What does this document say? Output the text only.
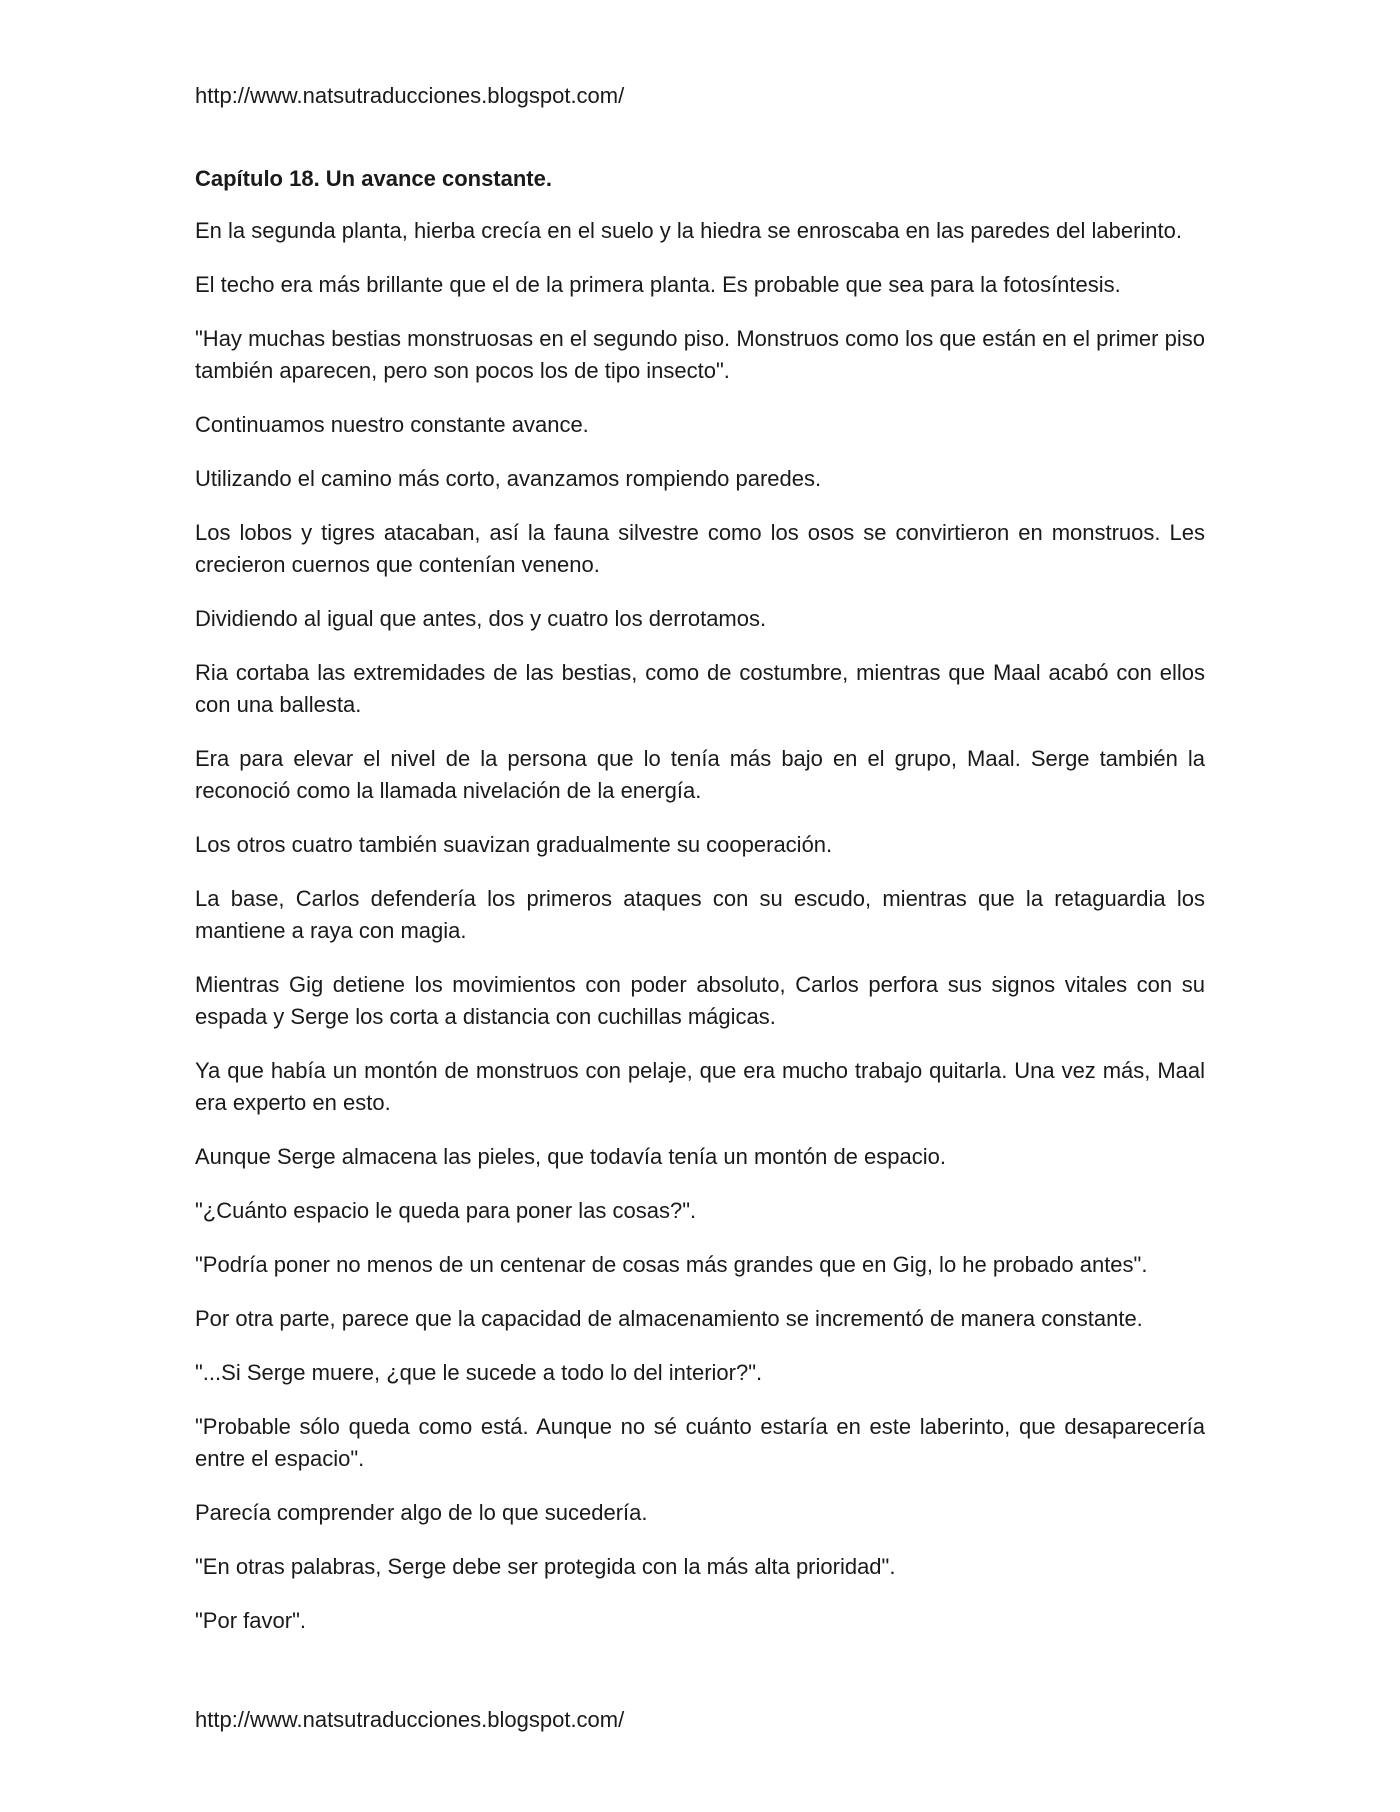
http://www.natsutraducciones.blogspot.com/
Capítulo 18. Un avance constante.

En la segunda planta, hierba crecía en el suelo y la hiedra se enroscaba en las paredes del laberinto.

El techo era más brillante que el de la primera planta. Es probable que sea para la fotosíntesis.

"Hay muchas bestias monstruosas en el segundo piso. Monstruos como los que están en el primer piso también aparecen, pero son pocos los de tipo insecto".

Continuamos nuestro constante avance.

Utilizando el camino más corto, avanzamos rompiendo paredes.

Los lobos y tigres atacaban, así la fauna silvestre como los osos se convirtieron en monstruos. Les crecieron cuernos que contenían veneno.

Dividiendo al igual que antes, dos y cuatro los derrotamos.

Ria cortaba las extremidades de las bestias, como de costumbre, mientras que Maal acabó con ellos con una ballesta.

Era para elevar el nivel de la persona que lo tenía más bajo en el grupo, Maal. Serge también la reconoció como la llamada nivelación de la energía.

Los otros cuatro también suavizan gradualmente su cooperación.

La base, Carlos defendería los primeros ataques con su escudo, mientras que la retaguardia los mantiene a raya con magia.

Mientras Gig detiene los movimientos con poder absoluto, Carlos perfora sus signos vitales con su espada y Serge los corta a distancia con cuchillas mágicas.

Ya que había un montón de monstruos con pelaje, que era mucho trabajo quitarla. Una vez más, Maal era experto en esto.

Aunque Serge almacena las pieles, que todavía tenía un montón de espacio.

"¿Cuánto espacio le queda para poner las cosas?".

"Podría poner no menos de un centenar de cosas más grandes que en Gig, lo he probado antes".

Por otra parte, parece que la capacidad de almacenamiento se incrementó de manera constante.

"...Si Serge muere, ¿que le sucede a todo lo del interior?".

"Probable sólo queda como está. Aunque no sé cuánto estaría en este laberinto, que desaparecería entre el espacio".

Parecía comprender algo de lo que sucedería.

"En otras palabras, Serge debe ser protegida con la más alta prioridad".

"Por favor".

http://www.natsutraducciones.blogspot.com/
